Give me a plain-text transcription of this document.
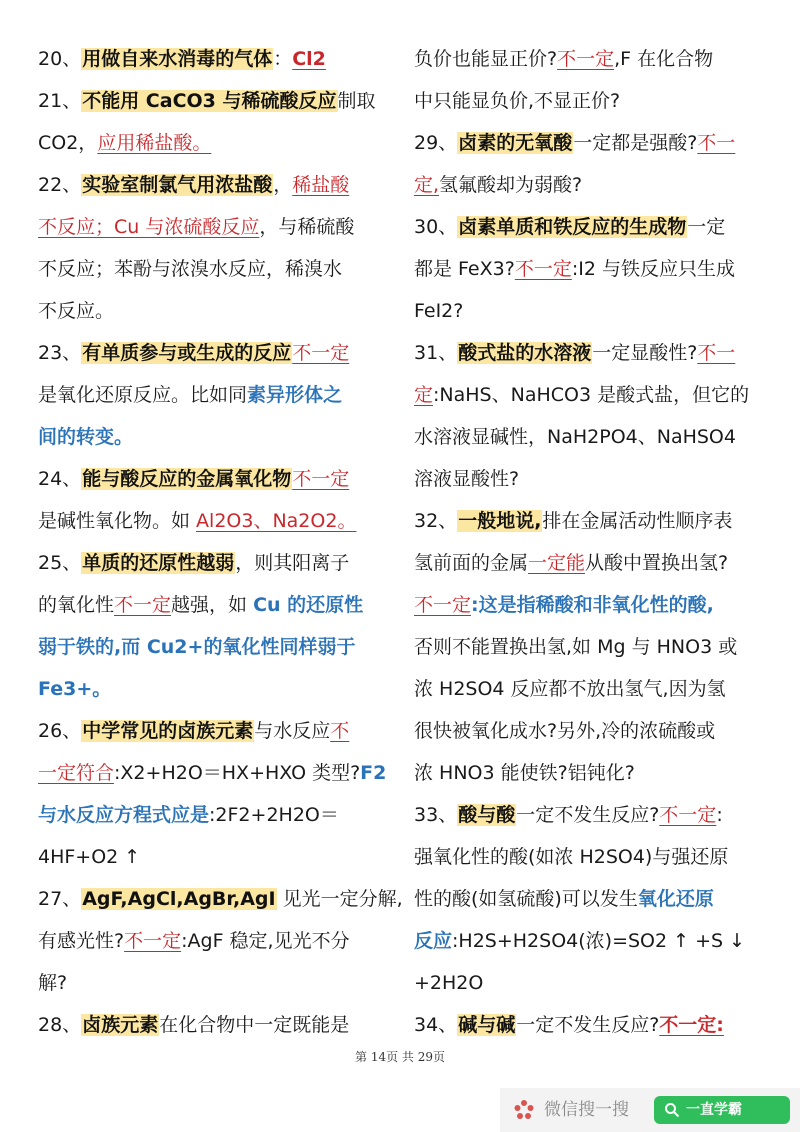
20、用做自来水消毒的气体：Cl2
21、不能用 CaCO3 与稀硫酸反应制取
CO2，应用稀盐酸。
22、实验室制氯气用浓盐酸，稀盐酸
不反应；Cu 与浓硫酸反应，与稀硫酸
不反应；苯酚与浓溴水反应，稀溴水
不反应。
23、有单质参与或生成的反应不一定
是氧化还原反应。比如同素异形体之
间的转变。
24、能与酸反应的金属氧化物不一定
是碱性氧化物。如 Al2O3、Na2O2。
25、单质的还原性越弱，则其阳离子
的氧化性不一定越强，如 Cu 的还原性
弱于铁的,而 Cu2+的氧化性同样弱于
Fe3+。
26、中学常见的卤族元素与水反应不
一定符合:X2+H2O＝HX+HXO 类型?F2
与水反应方程式应是:2F2+2H2O＝
4HF+O2 ↑
27、AgF,AgCl,AgBr,AgI 见光一定分解,
有感光性?不一定:AgF 稳定,见光不分
解?
28、卤族元素在化合物中一定既能是
负价也能显正价?不一定,F 在化合物
中只能显负价,不显正价?
29、卤素的无氧酸一定都是强酸?不一
定,氢氟酸却为弱酸?
30、卤素单质和铁反应的生成物一定
都是 FeX3?不一定:I2 与铁反应只生成
FeI2?
31、酸式盐的水溶液一定显酸性?不一
定:NaHS、NaHCO3 是酸式盐，但它的
水溶液显碱性，NaH2PO4、NaHSO4
溶液显酸性?
32、一般地说,排在金属活动性顺序表
氢前面的金属一定能从酸中置换出氢?
不一定:这是指稀酸和非氧化性的酸,
否则不能置换出氢,如 Mg 与 HNO3 或
浓 H2SO4 反应都不放出氢气,因为氢
很快被氧化成水?另外,冷的浓硫酸或
浓 HNO3 能使铁?铝钝化?
33、酸与酸一定不发生反应?不一定:
强氧化性的酸(如浓 H2SO4)与强还原
性的酸(如氢硫酸)可以发生氧化还原
反应:H2S+H2SO4(浓)=SO2 ↑ +S ↓
+2H2O
34、碱与碱一定不发生反应?不一定:
第 14页 共 29页
微信搜一搜	一直学霸
